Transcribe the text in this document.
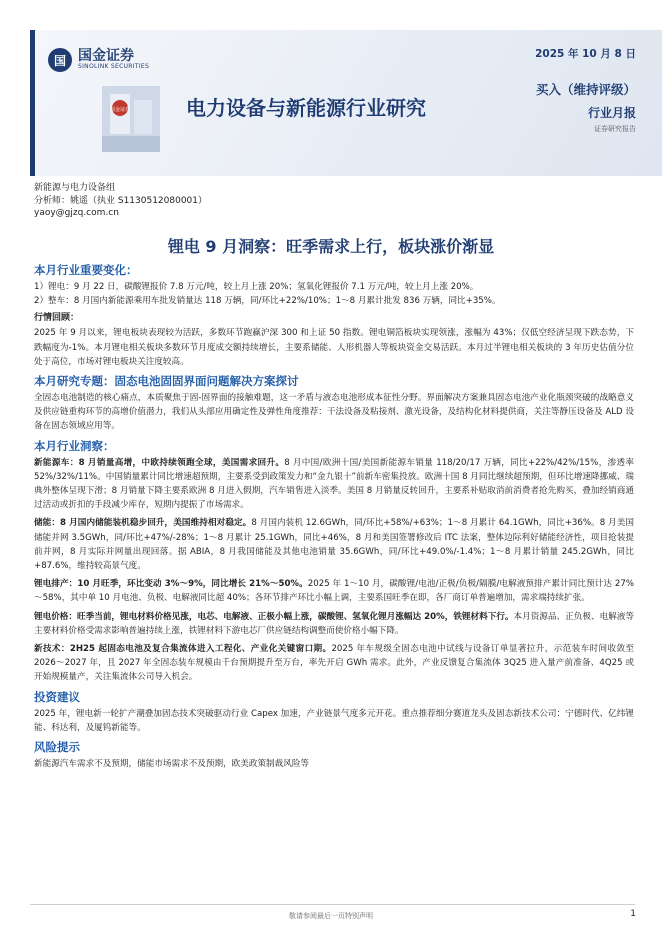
国 国金证券
SINOLINK SECURITIES
国金证券
2025 年 10 月 8 日
电力设备与新能源行业研究
买入（维持评级）
行业月报
证券研究报告
新能源与电力设备组
分析师：姚遥（执业 S1130512080001）
yaoy@gjzq.com.cn
锂电 9 月洞察：旺季需求上行，板块涨价渐显
本月行业重要变化：

1）锂电：9 月 22 日，碳酸锂报价 7.8 万元/吨，较上月上涨 20%；氢氧化锂报价 7.1 万元/吨，较上月上涨 20%。

2）整车：8 月国内新能源乘用车批发销量达 118 万辆，同/环比+22%/10%；1～8 月累计批发 836 万辆，同比+35%。

行情回顾：

2025 年 9 月以来，锂电板块表现较为活跃，多数环节跑赢沪深 300 和上证 50 指数。锂电铜箔板块实现领涨，涨幅为 43%；仅低空经济呈现下跌态势，下跌幅度为-1%。本月锂电相关板块多数环节月度成交额持续增长，主要系储能、人形机器人等板块资金交易活跃。本月过半锂电相关板块的 3 年历史估值分位处于高位，市场对锂电板块关注度较高。

本月研究专题：固态电池固固界面问题解决方案探讨

全固态电池制造的核心痛点，本质聚焦于固-固界面的接触难题，这一矛盾与液态电池形成本征性分野。界面解决方案兼具固态电池产业化瓶颈突破的战略意义及供应链重构环节的高增价值潜力，我们从头部应用确定性及弹性角度推荐：干法设备及粘接剂、激光设备，及结构化材料提供商，关注等静压设备及 ALD 设备在固态领域应用等。

本月行业洞察：

新能源车：8 月销量高增，中欧持续领跑全球，美国需求回升。8 月中国/欧洲十国/美国新能源车销量 118/20/17 万辆，同比+22%/42%/15%，渗透率 52%/32%/11%。中国销量累计同比增速超预期，主要系受到政策发力和“金九银十”前新车密集投放。欧洲十国 8 月同比继续超预期，但环比增速降挪威、瑞典外整体呈现下滑；8 月销量下降主要系欧洲 8 月进入假期，汽车销售进入淡季。美国 8 月销量反转回升，主要系补贴取消前消费者抢先购买，叠加经销商通过活动或折扣的手段减少库存，短期内提振了市场需求。

储能：8 月国内储能装机稳步回升，美国维持相对稳定。8 月国内装机 12.6GWh，同/环比+58%/+63%；1～8 月累计 64.1GWh，同比+36%。8 月美国储能并网 3.5GWh，同/环比+47%/-28%；1～8 月累计 25.1GWh，同比+46%，8 月和美国签署修改后 ITC 法案，整体边际利好储能经济性，项目抢装提前并网，8 月实际并网量出现回落。据 ABIA，8 月我国储能及其他电池销量 35.6GWh，同/环比+49.0%/-1.4%；1～8 月累计销量 245.2GWh，同比+87.6%，维持较高景气度。

锂电排产：10 月旺季，环比变动 3%～9%，同比增长 21%～50%。2025 年 1～10 月，碳酸锂/电池/正极/负极/隔膜/电解液预排产累计同比预计达 27%～58%，其中单 10 月电池、负极、电解液同比超 40%；各环节排产环比小幅上调，主要系国旺季在即，各厂商订单普遍增加，需求端持续扩张。

锂电价格：旺季当前，锂电材料价格见涨，电芯、电解液、正极小幅上涨，碳酸锂、氢氧化锂月涨幅达 20%，铁锂材料下行。本月资源品、正负极、电解液等主要材料价格受需求影响普遍持续上涨，铁锂材料下游电芯厂供应链结构调整而使价格小幅下降。

新技术：2H25 起固态电池及复合集流体进入工程化、产业化关键窗口期。2025 年车规级全固态电池中试线与设备订单显著拉升，示范装车时间收敛至 2026～2027 年，且 2027 年全固态装车规模由千台预期提升至万台，率先开启 GWh 需求。此外，产业反馈复合集流体 3Q25 进入量产前准备、4Q25 或开始规模量产，关注集流体公司导入机会。

投资建议

2025 年，锂电新一轮扩产潮叠加固态技术突破驱动行业 Capex 加速，产业链景气度多元开花。重点推荐细分赛道龙头及固态新技术公司：宁德时代、亿纬锂能、科达利，及厦钨新能等。

风险提示

新能源汽车需求不及预期，储能市场需求不及预期，欧美政策制裁风险等

敬请参阅最后一页特别声明	1
